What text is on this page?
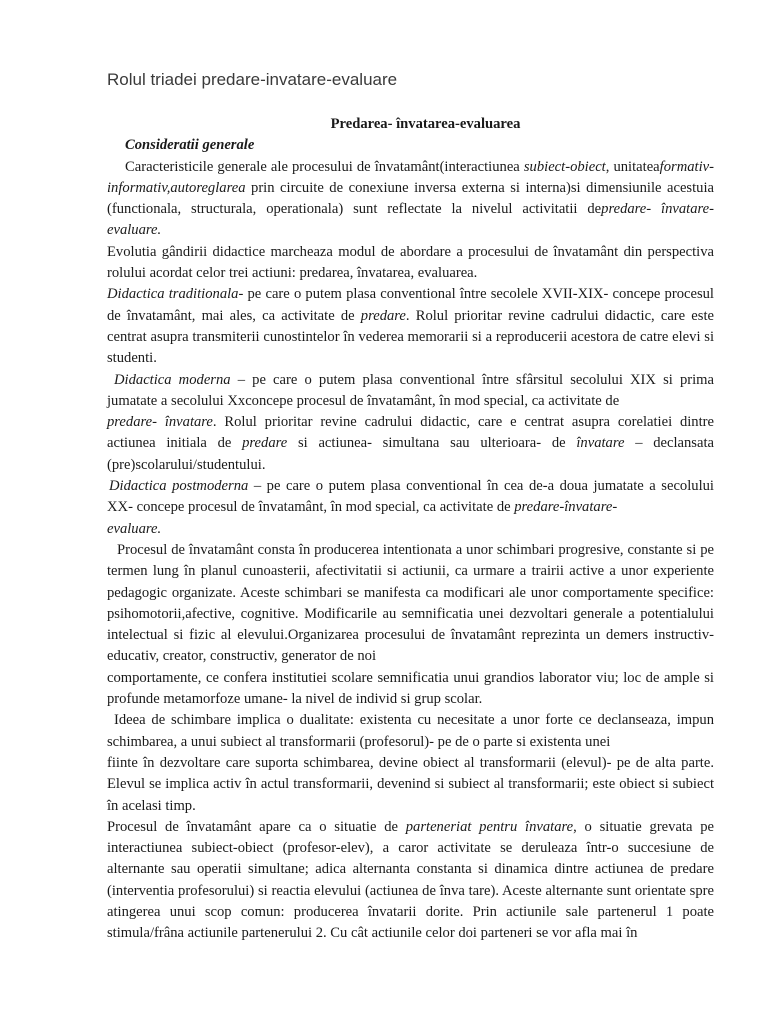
Rolul triadei predare-invatare-evaluare

Predarea- învatarea-evaluarea

Consideratii generale

Caracteristicile generale ale procesului de învatamânt(interactiunea subiect-obiect, unitateaformativ-informativ,autoreglarea prin circuite de conexiune inversa externa si interna)si dimensiunile acestuia (functionala, structurala, operationala) sunt reflectate la nivelul activitatii depredare- învatare- evaluare.

Evolutia gândirii didactice marcheaza modul de abordare a procesului de învatamânt din perspectiva rolului acordat celor trei actiuni: predarea, învatarea, evaluarea.

Didactica traditionala- pe care o putem plasa conventional între secolele XVII-XIX- concepe procesul de învatamânt, mai ales, ca activitate de predare. Rolul prioritar revine cadrului didactic, care este centrat asupra transmiterii cunostintelor în vederea memorarii si a reproducerii acestora de catre elevi si studenti.

Didactica moderna – pe care o putem plasa conventional între sfârsitul secolului XIX si prima jumatate a secolului Xxconcepe procesul de învatamânt, în mod special, ca activitate de
predare- învatare. Rolul prioritar revine cadrului didactic, care e centrat asupra corelatiei dintre actiunea initiala de predare si actiunea- simultana sau ulterioara- de învatare – declansata (pre)scolarului/studentului.

Didactica postmoderna – pe care o putem plasa conventional în cea de-a doua jumatate a secolului XX- concepe procesul de învatamânt, în mod special, ca activitate de predare-învatare-
evaluare.

Procesul de învatamânt consta în producerea intentionata a unor schimbari progresive, constante si pe termen lung în planul cunoasterii, afectivitatii si actiunii, ca urmare a trairii active a unor experiente pedagogic organizate. Aceste schimbari se manifesta ca modificari ale unor comportamente specifice: psihomotorii,afective, cognitive. Modificarile au semnificatia unei dezvoltari generale a potentialului intelectual si fizic al elevului.Organizarea procesului de învatamânt reprezinta un demers instructiv- educativ, creator, constructiv, generator de noi

comportamente, ce confera institutiei scolare semnificatia unui grandios laborator viu; loc de ample si profunde metamorfoze umane- la nivel de individ si grup scolar.

Ideea de schimbare implica o dualitate: existenta cu necesitate a unor forte ce declanseaza, impun schimbarea, a unui subiect al transformarii (profesorul)- pe de o parte si existenta unei

fiinte în dezvoltare care suporta schimbarea, devine obiect al transformarii (elevul)- pe de alta parte. Elevul se implica activ în actul transformarii, devenind si subiect al transformarii; este obiect si subiect în acelasi timp.

Procesul de învatamânt apare ca o situatie de parteneriat pentru învatare, o situatie grevata pe interactiunea subiect-obiect (profesor-elev), a caror activitate se deruleaza într-o succesiune de alternante sau operatii simultane; adica alternanta constanta si dinamica dintre actiunea de predare (interventia profesorului) si reactia elevului (actiunea de înva tare). Aceste alternante sunt orientate spre atingerea unui scop comun: producerea învatarii dorite. Prin actiunile sale partenerul 1 poate stimula/frâna actiunile partenerului 2. Cu cât actiunile celor doi parteneri se vor afla mai în
